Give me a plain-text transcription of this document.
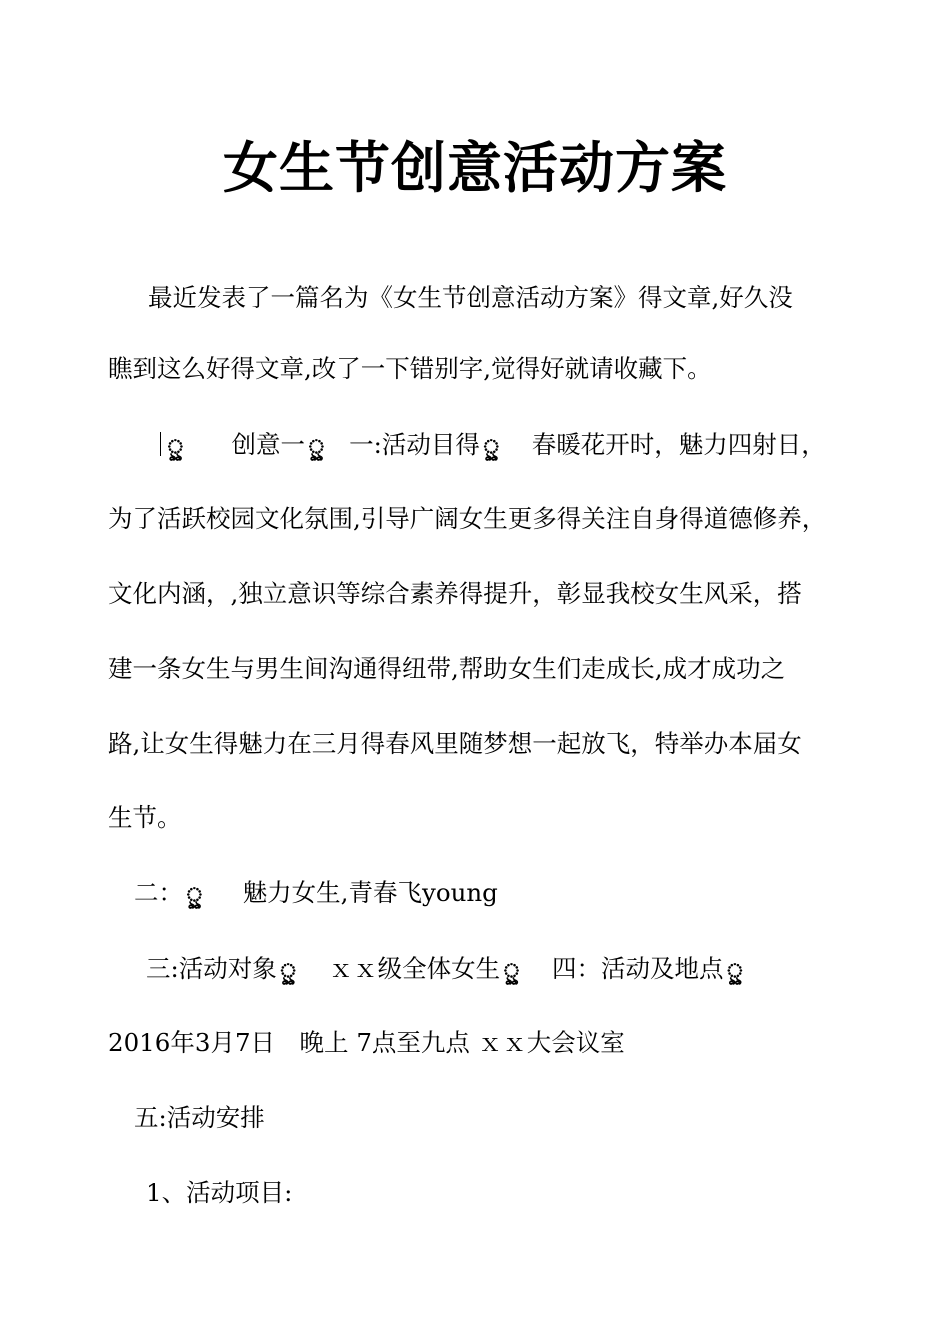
女生节创意活动方案
最近发表了一篇名为《女生节创意活动方案》得文章,好久没
瞧到这么好得文章,改了一下错别字,觉得好就请收藏下。
ৣ 创意一 ৣ 一:活动目得 ৣ 春暖花开时，魅力四射日，
为了活跃校园文化氛围,引导广阔女生更多得关注自身得道德修养，
文化内涵，,独立意识等综合素养得提升，彰显我校女生风采，搭
建一条女生与男生间沟通得纽带,帮助女生们走成长,成才成功之
路,让女生得魅力在三月得春风里随梦想一起放飞，特举办本届女
生节。
二： ৣ 魅力女生,青春飞young
三:活动对象 ৣ ｘｘ级全体女生 ৣ 四：活动及地点 ৣ
2016年3月7日　晚上 7点至九点 ｘｘ大会议室
五:活动安排
1、活动项目:
